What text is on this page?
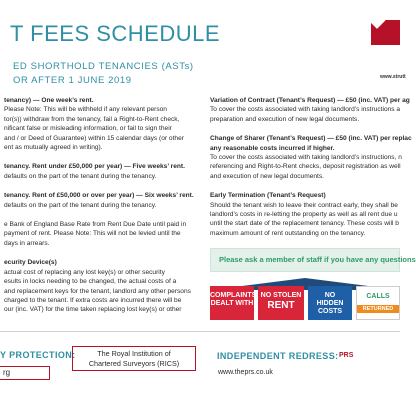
T FEES SCHEDULE
ED SHORTHOLD TENANCIES (ASTs)
OR AFTER 1 JUNE 2019	www.strutt

tenancy) — One week’s rent.

Please Note: This will be withheld if any relevant person

tor(s)) withdraw from the tenancy, fail a Right-to-Rent check,

nificant false or misleading information, or fail to sign their

and / or Deed of Guarantee) within 15 calendar days (or other

ent as mutually agreed in writing).

tenancy. Rent under £50,000 per year) — Five weeks’ rent.

defaults on the part of the tenant during the tenancy.

tenancy. Rent of £50,000 or over per year) — Six weeks’ rent.

defaults on the part of the tenant during the tenancy.

e Bank of England Base Rate from Rent Due Date until paid in

payment of rent. Please Note: This will not be levied until the

days in arrears.

ecurity Device(s)

actual cost of replacing any lost key(s) or other security

esults in locks needing to be changed, the actual costs of a

and replacement keys for the tenant, landlord any other persons

charged to the tenant. If extra costs are incurred there will be

our (inc. VAT) for the time taken replacing lost key(s) or other

Variation of Contract (Tenant’s Request) — £50 (inc. VAT) per ag

To cover the costs associated with taking landlord’s instructions a

preparation and execution of new legal documents.

Change of Sharer (Tenant’s Request) — £50 (inc. VAT) per replac

any reasonable costs incurred if higher.

To cover the costs associated with taking landlord’s instructions, n

referencing and Right-to-Rent checks, deposit registration as well

and execution of new legal documents.

Early Termination (Tenant’s Request)

Should the tenant wish to leave their contract early, they shall be

landlord’s costs in re-letting the property as well as all rent due u

until the start date of the replacement tenancy. These costs will b

maximum amount of rent outstanding on the tenancy.

Please ask a member of staff if you have any questions
COMPLAINTS
DEALT WITH
NO STOLEN
RENT
NO
HIDDEN
COSTS
CALLS
RETURNED
Y PROTECTION:
rg
The Royal Institution of
Chartered Surveyors (RICS)
INDEPENDENT REDRESS: PRS
www.theprs.co.uk
